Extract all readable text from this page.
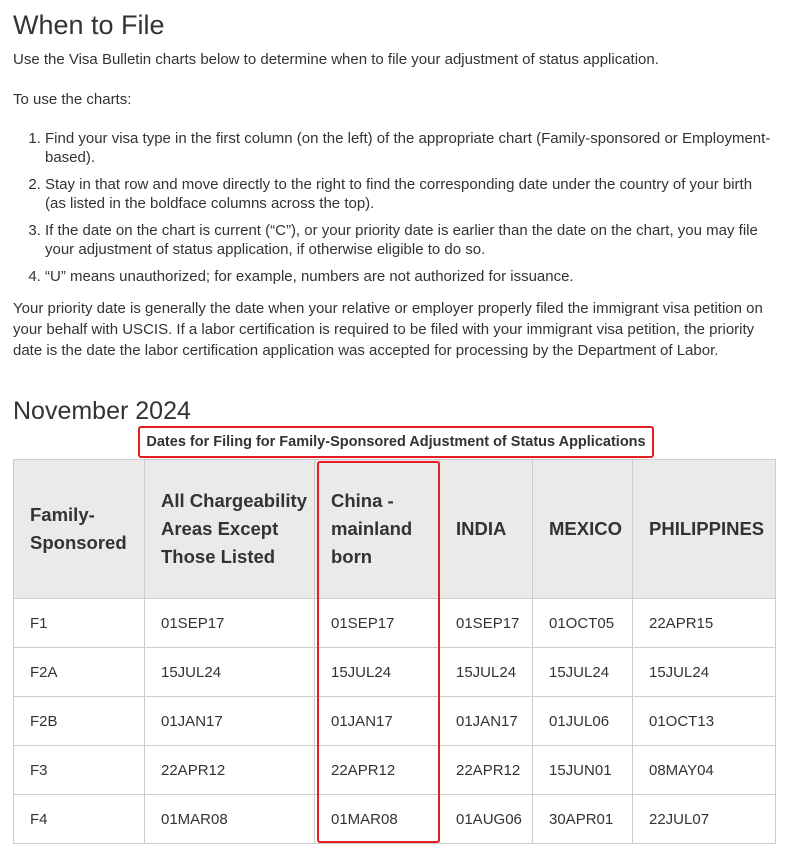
When to File

Use the Visa Bulletin charts below to determine when to file your adjustment of status application.

To use the charts:

1. Find your visa type in the first column (on the left) of the appropriate chart (Family-sponsored or Employment-based).
2. Stay in that row and move directly to the right to find the corresponding date under the country of your birth (as listed in the boldface columns across the top).
3. If the date on the chart is current (“C”), or your priority date is earlier than the date on the chart, you may file your adjustment of status application, if otherwise eligible to do so.
4. “U” means unauthorized; for example, numbers are not authorized for issuance.

Your priority date is generally the date when your relative or employer properly filed the immigrant visa petition on your behalf with USCIS. If a labor certification is required to be filed with your immigrant visa petition, the priority date is the date the labor certification application was accepted for processing by the Department of Labor.

November 2024
Dates for Filing for Family-Sponsored Adjustment of Status Applications
Family-Sponsored	All Chargeability Areas Except Those Listed	China - mainland born	INDIA	MEXICO	PHILIPPINES
F1	01SEP17	01SEP17	01SEP17	01OCT05	22APR15
F2A	15JUL24	15JUL24	15JUL24	15JUL24	15JUL24
F2B	01JAN17	01JAN17	01JAN17	01JUL06	01OCT13
F3	22APR12	22APR12	22APR12	15JUN01	08MAY04
F4	01MAR08	01MAR08	01AUG06	30APR01	22JUL07
